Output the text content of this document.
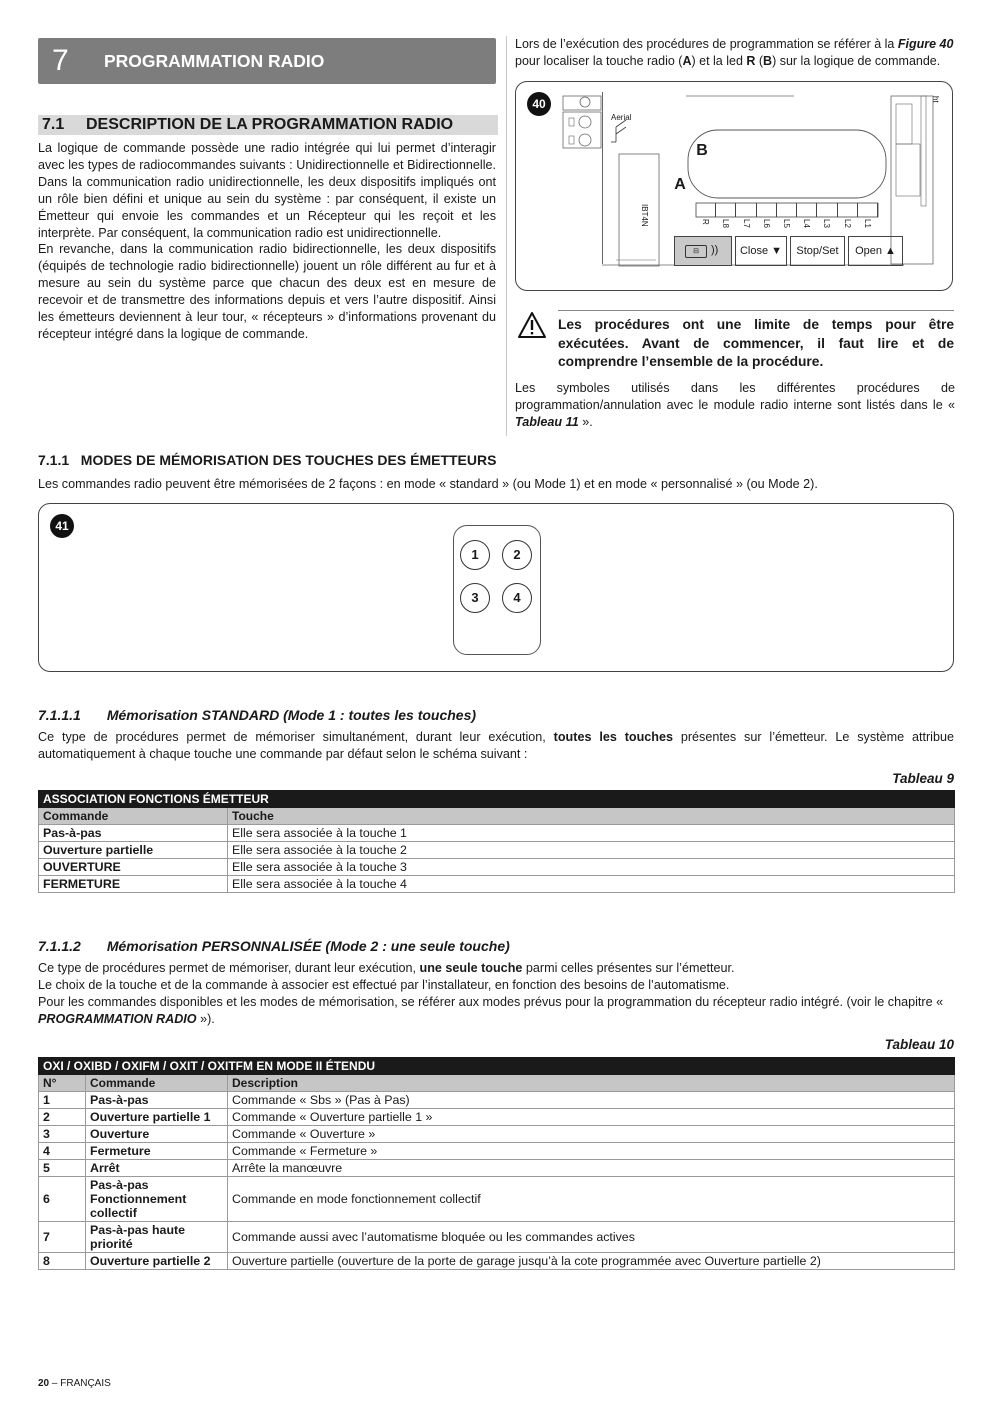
7 PROGRAMMATION RADIO
7.1 DESCRIPTION DE LA PROGRAMMATION RADIO

La logique de commande possède une radio intégrée qui lui permet d’interagir avec les types de radiocommandes suivants : Unidirectionnelle et Bidirectionnelle. Dans la communication radio unidirectionnelle, les deux dispositifs impliqués ont un rôle bien défini et unique au sein du système : par conséquent, il existe un Émetteur qui envoie les commandes et un Récepteur qui les reçoit et les interprète. Par conséquent, la communication radio est unidirectionnelle.

En revanche, dans la communication radio bidirectionnelle, les deux dispositifs (équipés de technologie radio bidirectionnelle) jouent un rôle différent au fur et à mesure au sein du système parce que chacun des deux est en mesure de recevoir et de transmettre des informations depuis et vers l’autre dispositif. Ainsi les émetteurs deviennent à leur tour, « récepteurs » d’informations provenant du récepteur intégré dans la logique de commande.

Lors de l’exécution des procédures de programmation se référer à la Figure 40 pour localiser la touche radio (A) et la led R (B) sur la logique de commande.
40
R L8 L7 L6 L5 L4 L3 L2 L1
Aerial
IBT4N
ht
A
B
⊟	))	Close ▼	Stop/Set	Open ▲
Les procédures ont une limite de temps pour être exécutées. Avant de commencer, il faut lire et de comprendre l’ensemble de la procédure.
Les symboles utilisés dans les différentes procédures de programmation/annulation avec le module radio interne sont listés dans le « Tableau 11 ».
7.1.1   MODES DE MÉMORISATION DES TOUCHES DES ÉMETTEURS
Les commandes radio peuvent être mémorisées de 2 façons : en mode « standard » (ou Mode 1) et en mode « personnalisé » (ou Mode 2).
41
1	2
3	4
7.1.1.1 Mémorisation STANDARD (Mode 1 : toutes les touches)
Ce type de procédures permet de mémoriser simultanément, durant leur exécution, toutes les touches présentes sur l’émetteur. Le système attribue automatiquement à chaque touche une commande par défaut selon le schéma suivant :
Tableau 9
ASSOCIATION FONCTIONS ÉMETTEUR	
Commande	Touche
Pas-à-pas	Elle sera associée à la touche 1
Ouverture partielle	Elle sera associée à la touche 2
OUVERTURE	Elle sera associée à la touche 3
FERMETURE	Elle sera associée à la touche 4
7.1.1.2 Mémorisation PERSONNALISÉE (Mode 2 : une seule touche)

Ce type de procédures permet de mémoriser, durant leur exécution, une seule touche parmi celles présentes sur l’émetteur.

Le choix de la touche et de la commande à associer est effectué par l’installateur, en fonction des besoins de l’automatisme.

Pour les commandes disponibles et les modes de mémorisation, se référer aux modes prévus pour la programmation du récepteur radio intégré. (voir le chapitre « PROGRAMMATION RADIO »).

Tableau 10
OXI / OXIBD / OXIFM / OXIT / OXITFM EN MODE II ÉTENDU		
N°	Commande	Description
1	Pas-à-pas	Commande « Sbs » (Pas à Pas)
2	Ouverture partielle 1	Commande « Ouverture partielle 1 »
3	Ouverture	Commande « Ouverture »
4	Fermeture	Commande « Fermeture »
5	Arrêt	Arrête la manœuvre
6	Pas-à-pas Fonctionnement collectif	Commande en mode fonctionnement collectif
7	Pas-à-pas haute priorité	Commande aussi avec l’automatisme bloquée ou les commandes actives
8	Ouverture partielle 2	Ouverture partielle (ouverture de la porte de garage jusqu’à la cote programmée avec Ouverture partielle 2)
20 – FRANÇAIS
